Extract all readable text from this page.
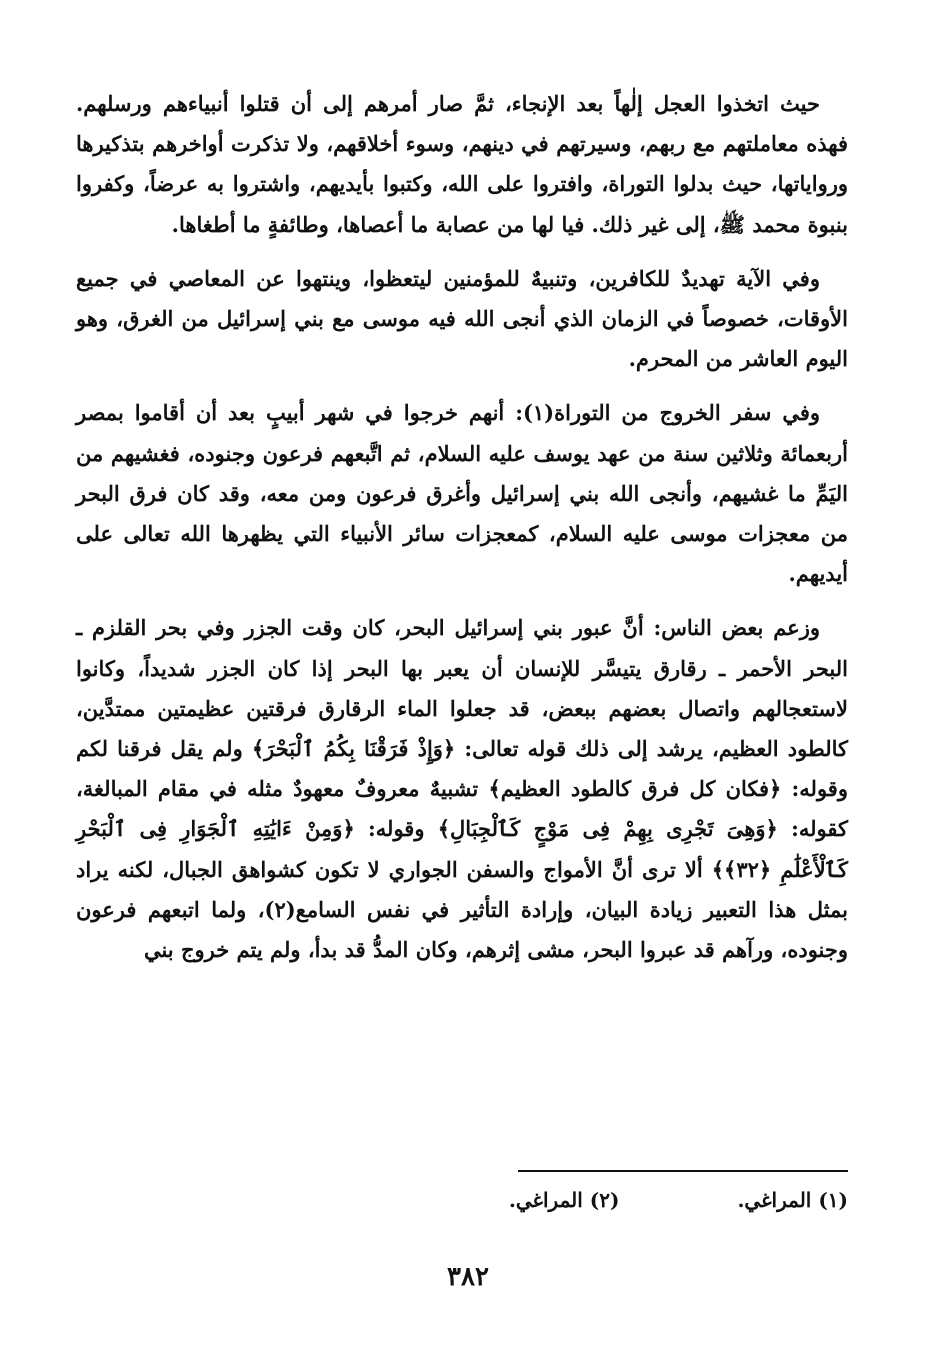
حيث اتخذوا العجل إلٰهاً بعد الإنجاء، ثمَّ صار أمرهم إلى أن قتلوا أنبياءهم ورسلهم. فهذه معاملتهم مع ربهم، وسيرتهم في دينهم، وسوء أخلاقهم، ولا تذكرت أواخرهم بتذكيرها ورواياتها، حيث بدلوا التوراة، وافتروا على الله، وكتبوا بأيديهم، واشتروا به عرضاً، وكفروا بنبوة محمد ﷺ، إلى غير ذلك. فيا لها من عصابة ما أعصاها، وطائفةٍ ما أطغاها.

وفي الآية تهديدٌ للكافرين، وتنبيهٌ للمؤمنين ليتعظوا، وينتهوا عن المعاصي في جميع الأوقات، خصوصاً في الزمان الذي أنجى الله فيه موسى مع بني إسرائيل من الغرق، وهو اليوم العاشر من المحرم.

وفي سفر الخروج من التوراة(١): أنهم خرجوا في شهر أبيبٍ بعد أن أقاموا بمصر أربعمائة وثلاثين سنة من عهد يوسف عليه السلام، ثم اتَّبعهم فرعون وجنوده، فغشيهم من اليَمِّ ما غشيهم، وأنجى الله بني إسرائيل وأغرق فرعون ومن معه، وقد كان فرق البحر من معجزات موسى عليه السلام، كمعجزات سائر الأنبياء التي يظهرها الله تعالى على أيديهم.

وزعم بعض الناس: أنَّ عبور بني إسرائيل البحر، كان وقت الجزر وفي بحر القلزم ـ البحر الأحمر ـ رقارق يتيسَّر للإنسان أن يعبر بها البحر إذا كان الجزر شديداً، وكانوا لاستعجالهم واتصال بعضهم ببعض، قد جعلوا الماء الرقارق فرقتين عظيمتين ممتدَّين، كالطود العظيم، يرشد إلى ذلك قوله تعالى: ﴿وَإِذْ فَرَقْنَا بِكُمُ ٱلْبَحْرَ﴾ ولم يقل فرقنا لكم وقوله: ﴿فكان كل فرق كالطود العظيم﴾ تشبيهٌ معروفٌ معهودٌ مثله في مقام المبالغة، كقوله: ﴿وَهِىَ تَجْرِى بِهِمْ فِى مَوْجٍ كَٱلْجِبَالِ﴾ وقوله: ﴿وَمِنْ ءَايَٰتِهِ ٱلْجَوَارِ فِى ٱلْبَحْرِ كَٱلْأَعْلَٰمِ ﴿٣٢﴾﴾ ألا ترى أنَّ الأمواج والسفن الجواري لا تكون كشواهق الجبال، لكنه يراد بمثل هذا التعبير زيادة البيان، وإرادة التأثير في نفس السامع(٢)، ولما اتبعهم فرعون وجنوده، ورآهم قد عبروا البحر، مشى إثرهم، وكان المدُّ قد بدأ، ولم يتم خروج بني

(١) المراغي.
(٢) المراغي.
٣٨٢
